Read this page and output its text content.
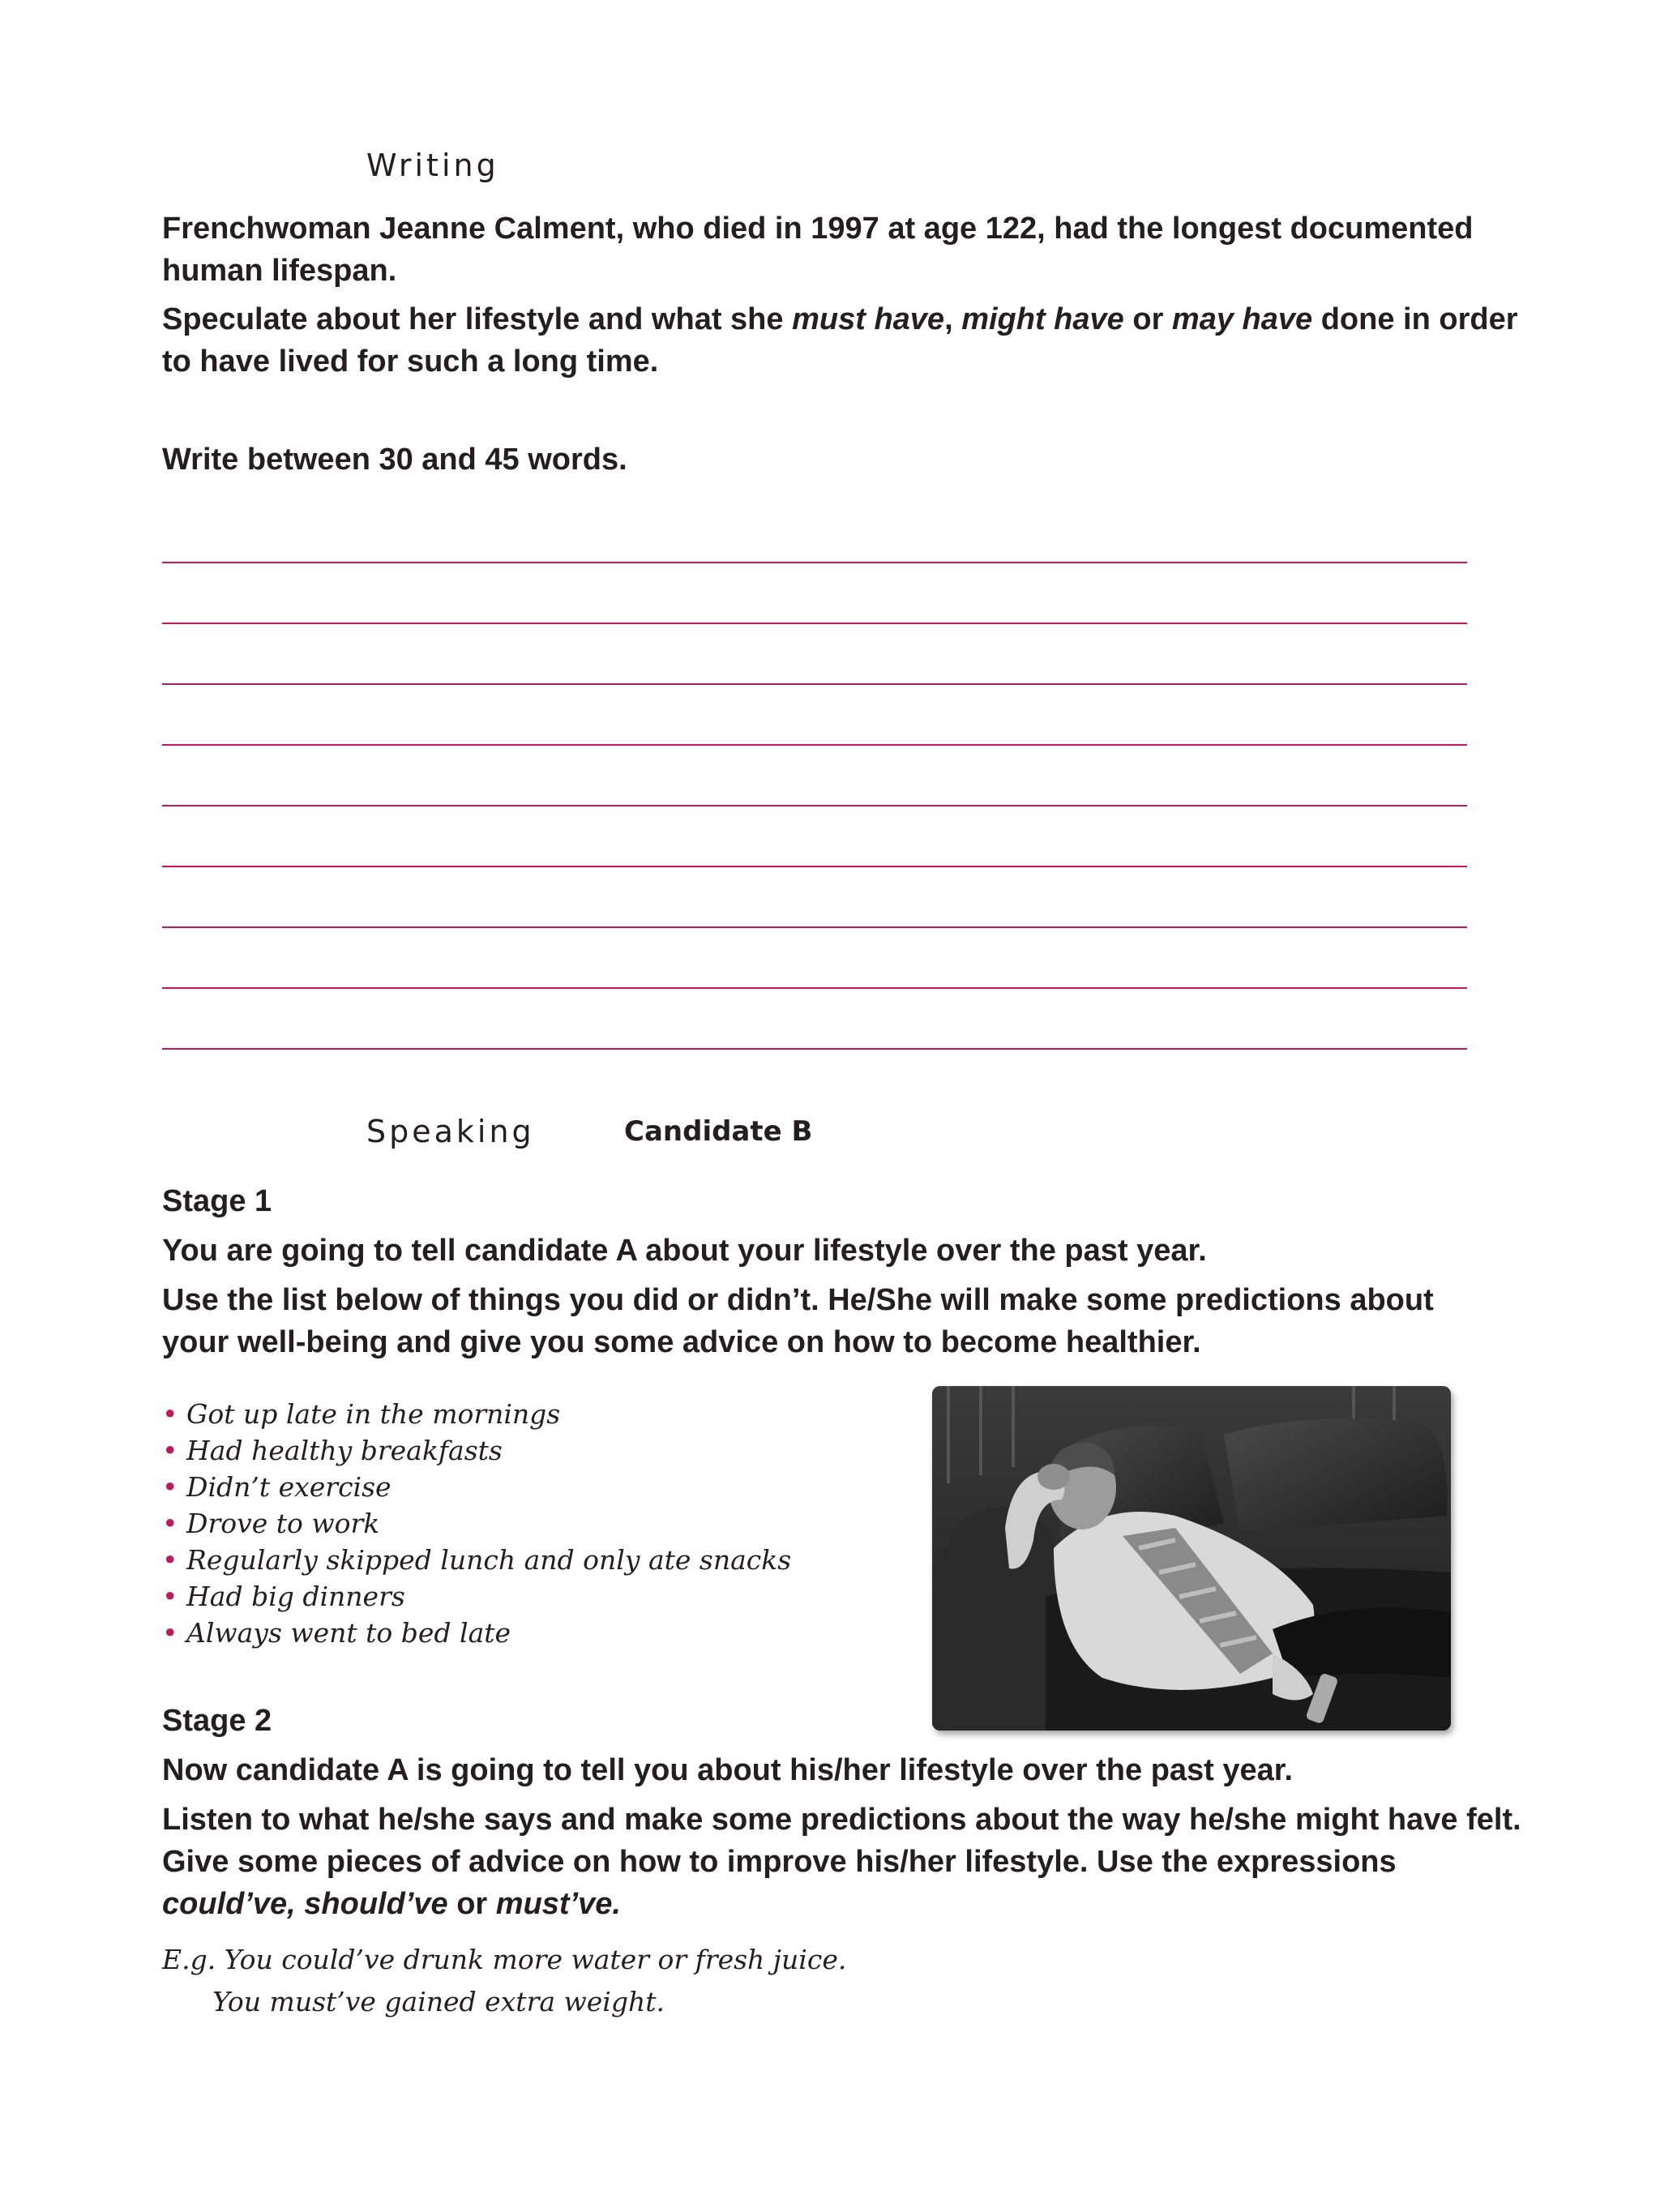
Writing

Frenchwoman Jeanne Calment, who died in 1997 at age 122, had the longest documented human lifespan.

Speculate about her lifestyle and what she must have, might have or may have done in order to have lived for such a long time.

Write between 30 and 45 words.

Speaking	Candidate B

Stage 1

You are going to tell candidate A about your lifestyle over the past year.

Use the list below of things you did or didn’t. He/She will make some predictions about your well-being and give you some advice on how to become healthier.

• Got up late in the mornings
• Had healthy breakfasts
• Didn’t exercise
• Drove to work
• Regularly skipped lunch and only ate snacks
• Had big dinners
• Always went to bed late

Stage 2

Now candidate A is going to tell you about his/her lifestyle over the past year.

Listen to what he/she says and make some predictions about the way he/she might have felt. Give some pieces of advice on how to improve his/her lifestyle. Use the expressions could’ve, should’ve or must’ve.

E.g. You could’ve drunk more water or fresh juice.
You must’ve gained extra weight.
